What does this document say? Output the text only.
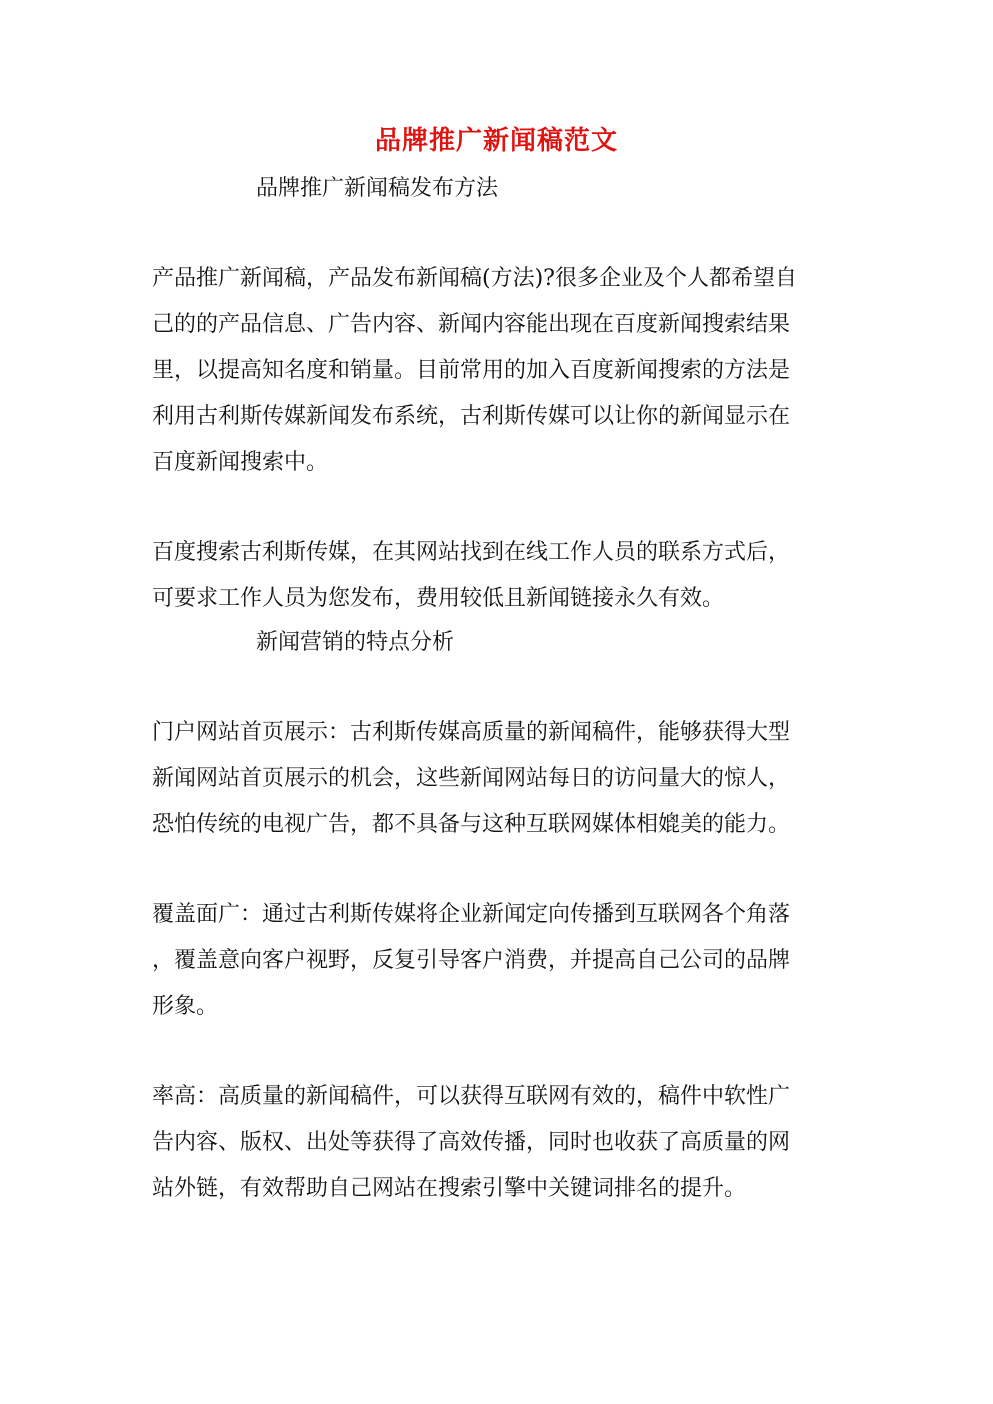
品牌推广新闻稿范文
品牌推广新闻稿发布方法
产品推广新闻稿，产品发布新闻稿(方法)?很多企业及个人都希望自
己的的产品信息、广告内容、新闻内容能出现在百度新闻搜索结果
里，以提高知名度和销量。目前常用的加入百度新闻搜索的方法是
利用古利斯传媒新闻发布系统，古利斯传媒可以让你的新闻显示在
百度新闻搜索中。
百度搜索古利斯传媒，在其网站找到在线工作人员的联系方式后，
可要求工作人员为您发布，费用较低且新闻链接永久有效。
新闻营销的特点分析
门户网站首页展示：古利斯传媒高质量的新闻稿件，能够获得大型
新闻网站首页展示的机会，这些新闻网站每日的访问量大的惊人，
恐怕传统的电视广告，都不具备与这种互联网媒体相媲美的能力。
覆盖面广：通过古利斯传媒将企业新闻定向传播到互联网各个角落
，覆盖意向客户视野，反复引导客户消费，并提高自己公司的品牌
形象。
率高：高质量的新闻稿件，可以获得互联网有效的，稿件中软性广
告内容、版权、出处等获得了高效传播，同时也收获了高质量的网
站外链，有效帮助自己网站在搜索引擎中关键词排名的提升。
